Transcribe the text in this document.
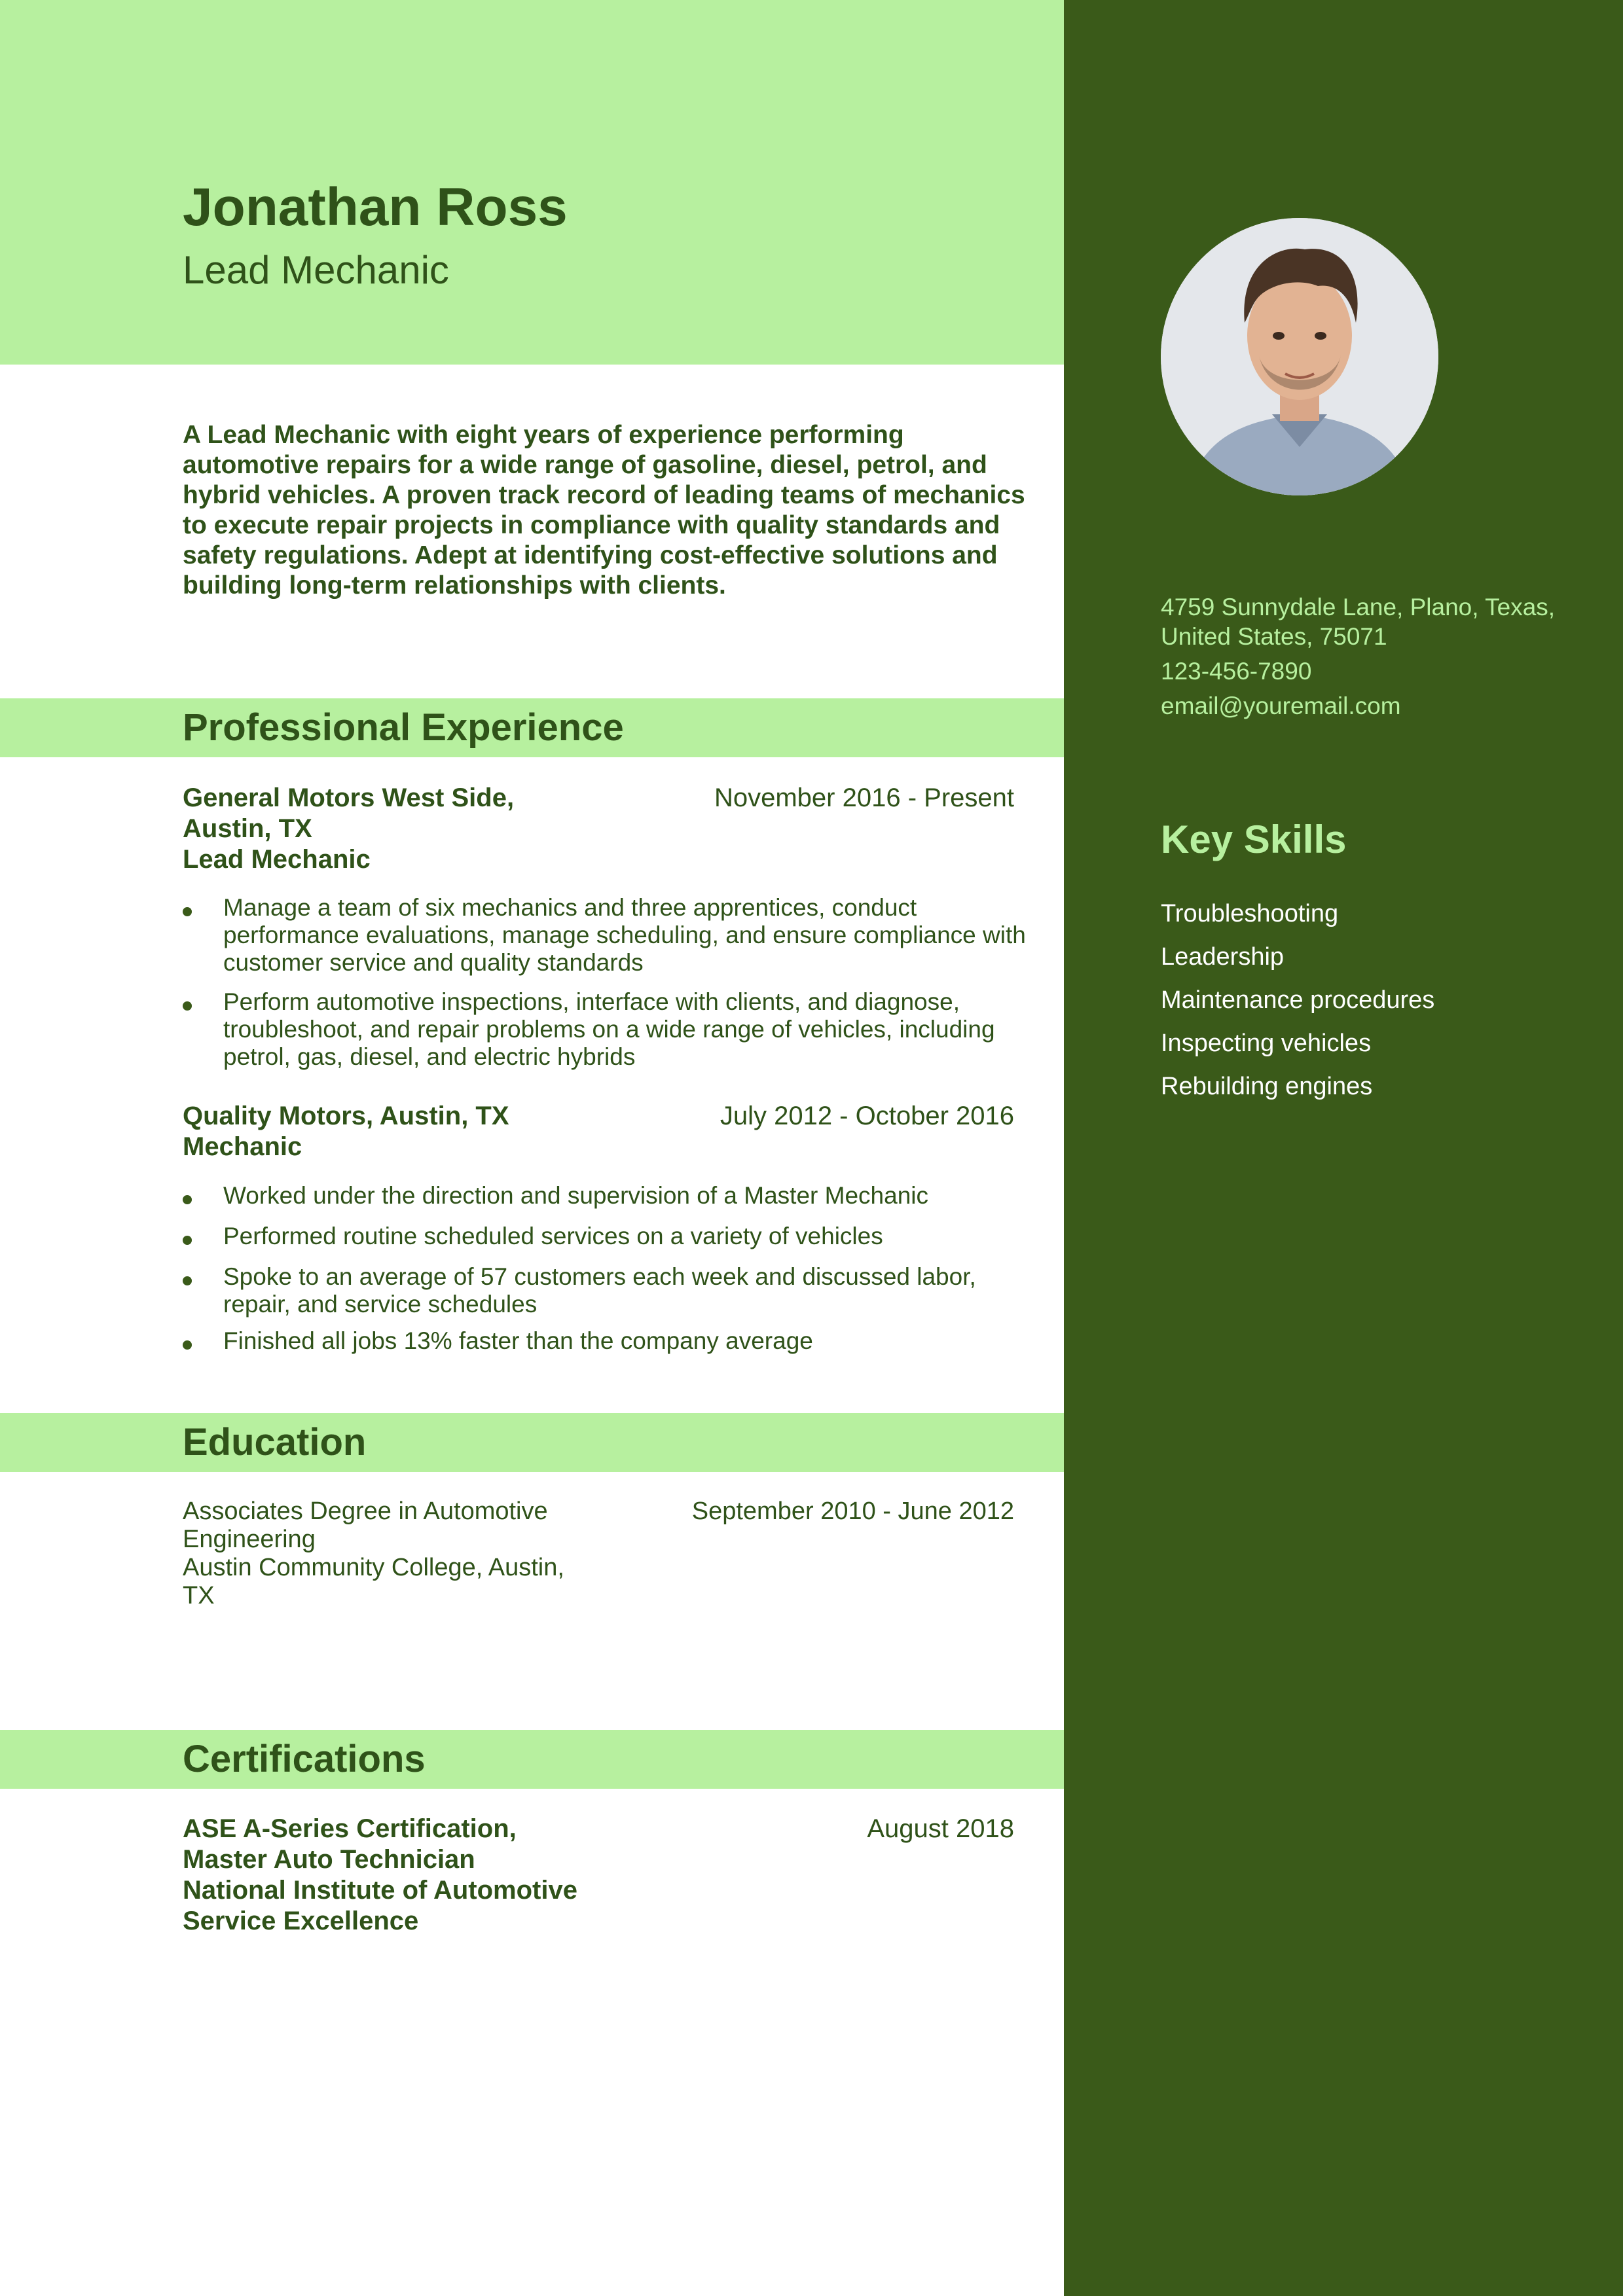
Jonathan Ross
Lead Mechanic

A Lead Mechanic with eight years of experience performing automotive repairs for a wide range of gasoline, diesel, petrol, and hybrid vehicles. A proven track record of leading teams of mechanics to execute repair projects in compliance with quality standards and safety regulations. Adept at identifying cost-effective solutions and building long-term relationships with clients.

Professional Experience
General Motors West Side,
Austin, TX
Lead Mechanic
November 2016 - Present
Manage a team of six mechanics and three apprentices, conduct performance evaluations, manage scheduling, and ensure compliance with customer service and quality standards
Perform automotive inspections, interface with clients, and diagnose, troubleshoot, and repair problems on a wide range of vehicles, including petrol, gas, diesel, and electric hybrids
Quality Motors, Austin, TX
Mechanic
July 2012 - October 2016
Worked under the direction and supervision of a Master Mechanic
Performed routine scheduled services on a variety of vehicles
Spoke to an average of 57 customers each week and discussed labor, repair, and service schedules
Finished all jobs 13% faster than the company average
Education
Associates Degree in Automotive Engineering
Austin Community College, Austin, TX
September 2010 - June 2012
Certifications
ASE A-Series Certification,
Master Auto Technician
National Institute of Automotive
Service Excellence
August 2018
4759 Sunnydale Lane, Plano, Texas, United States, 75071
123-456-7890
email@youremail.com
Key Skills
Troubleshooting
Leadership
Maintenance procedures
Inspecting vehicles
Rebuilding engines
